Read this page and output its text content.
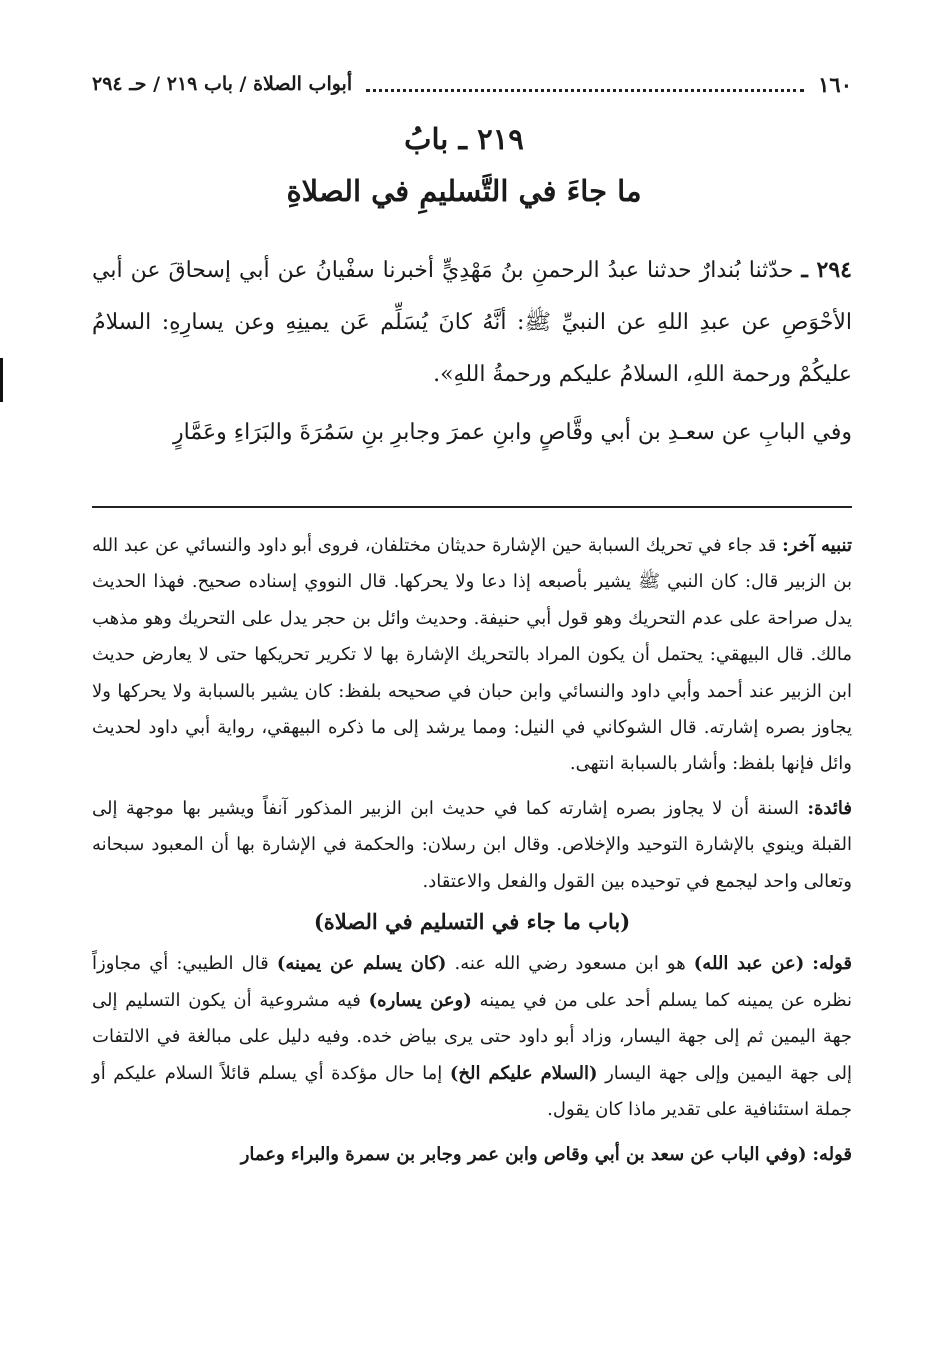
١٦٠
أبواب الصلاة / باب ٢١٩ / حـ ٢٩٤
٢١٩ ـ بابُ
ما جاءَ في التَّسليمِ في الصلاةِ

٢٩٤ ـ حدّثنا بُندارٌ حدثنا عبدُ الرحمنِ بنُ مَهْدِيٍّ أخبرنا سفْيانُ عن أبي إسحاقَ عن أبي الأحْوَصِ عن عبدِ اللهِ عن النبيِّ ﷺ: أنَّهُ كانَ يُسَلِّم عَن يمينِهِ وعن يسارِهِ: السلامُ عليكُمْ ورحمة اللهِ، السلامُ عليكم ورحمةُ اللهِ».

وفي البابِ عن سعـدِ بن أبي وقَّاصٍ وابنِ عمرَ وجابرِ بنِ سَمُرَةَ والبَرَاءِ وعَمَّارٍ

تنبيه آخر: قد جاء في تحريك السبابة حين الإشارة حديثان مختلفان، فروى أبو داود والنسائي عن عبد الله بن الزبير قال: كان النبي ﷺ يشير بأصبعه إذا دعا ولا يحركها. قال النووي إسناده صحيح. فهذا الحديث يدل صراحة على عدم التحريك وهو قول أبي حنيفة. وحديث وائل بن حجر يدل على التحريك وهو مذهب مالك. قال البيهقي: يحتمل أن يكون المراد بالتحريك الإشارة بها لا تكرير تحريكها حتى لا يعارض حديث ابن الزبير عند أحمد وأبي داود والنسائي وابن حبان في صحيحه بلفظ: كان يشير بالسبابة ولا يحركها ولا يجاوز بصره إشارته. قال الشوكاني في النيل: ومما يرشد إلى ما ذكره البيهقي، رواية أبي داود لحديث وائل فإنها بلفظ: وأشار بالسبابة انتهى.

فائدة: السنة أن لا يجاوز بصره إشارته كما في حديث ابن الزبير المذكور آنفاً ويشير بها موجهة إلى القبلة وينوي بالإشارة التوحيد والإخلاص. وقال ابن رسلان: والحكمة في الإشارة بها أن المعبود سبحانه وتعالى واحد ليجمع في توحيده بين القول والفعل والاعتقاد.

(باب ما جاء في التسليم في الصلاة)

قوله: (عن عبد الله) هو ابن مسعود رضي الله عنه. (كان يسلم عن يمينه) قال الطيبي: أي مجاوزاً نظره عن يمينه كما يسلم أحد على من في يمينه (وعن يساره) فيه مشروعية أن يكون التسليم إلى جهة اليمين ثم إلى جهة اليسار، وزاد أبو داود حتى يرى بياض خده. وفيه دليل على مبالغة في الالتفات إلى جهة اليمين وإلى جهة اليسار (السلام عليكم الخ) إما حال مؤكدة أي يسلم قائلاً السلام عليكم أو جملة استئنافية على تقدير ماذا كان يقول.

قوله: (وفي الباب عن سعد بن أبي وقاص وابن عمر وجابر بن سمرة والبراء وعمار
